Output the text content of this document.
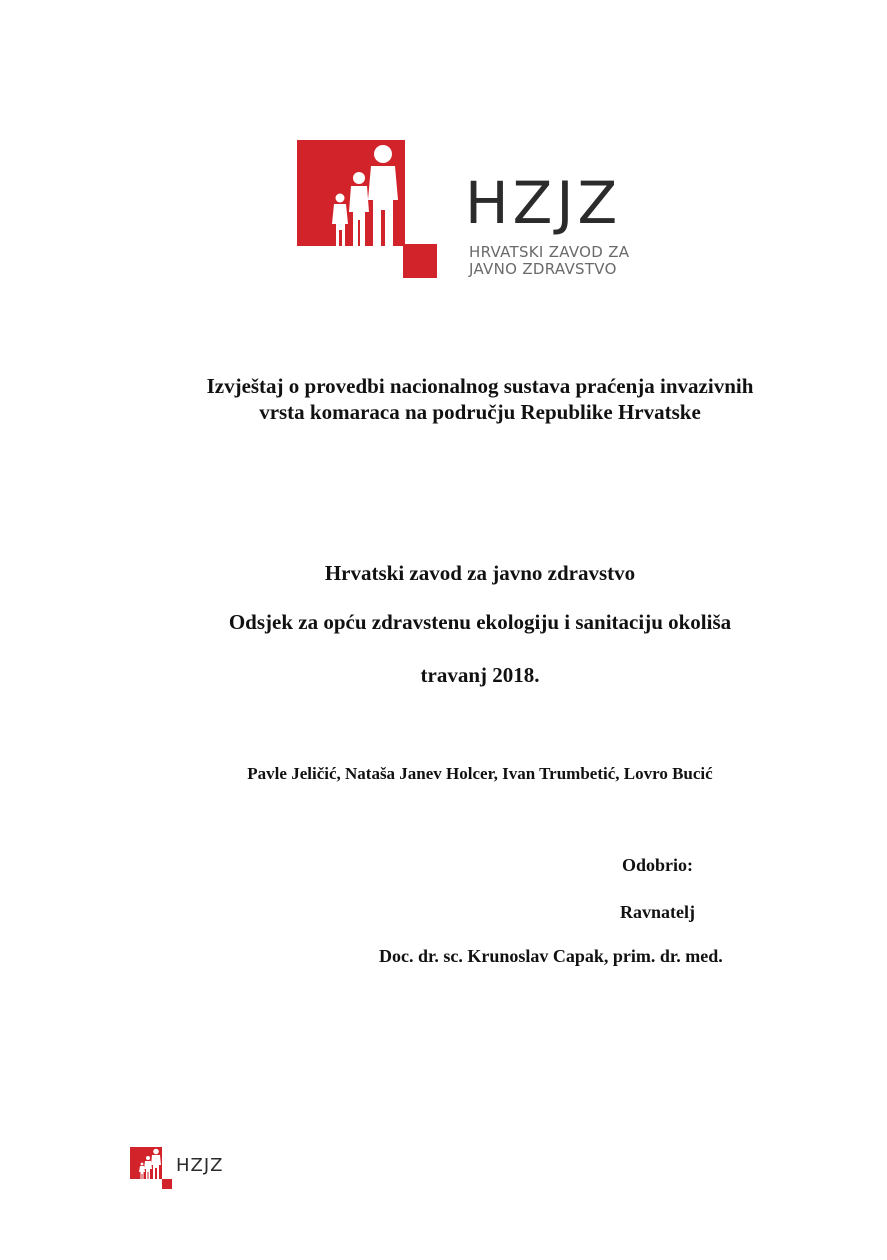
HZJZ
HRVATSKI ZAVOD ZA
JAVNO ZDRAVSTVO
Izvještaj o provedbi nacionalnog sustava praćenja invazivnih
vrsta komaraca na području Republike Hrvatske
Hrvatski zavod za javno zdravstvo
Odsjek za opću zdravstenu ekologiju i sanitaciju okoliša
travanj 2018.
Pavle Jeličić, Nataša Janev Holcer, Ivan Trumbetić, Lovro Bucić
Odobrio:
Ravnatelj
Doc. dr. sc. Krunoslav Capak, prim. dr. med.
HZJZ
